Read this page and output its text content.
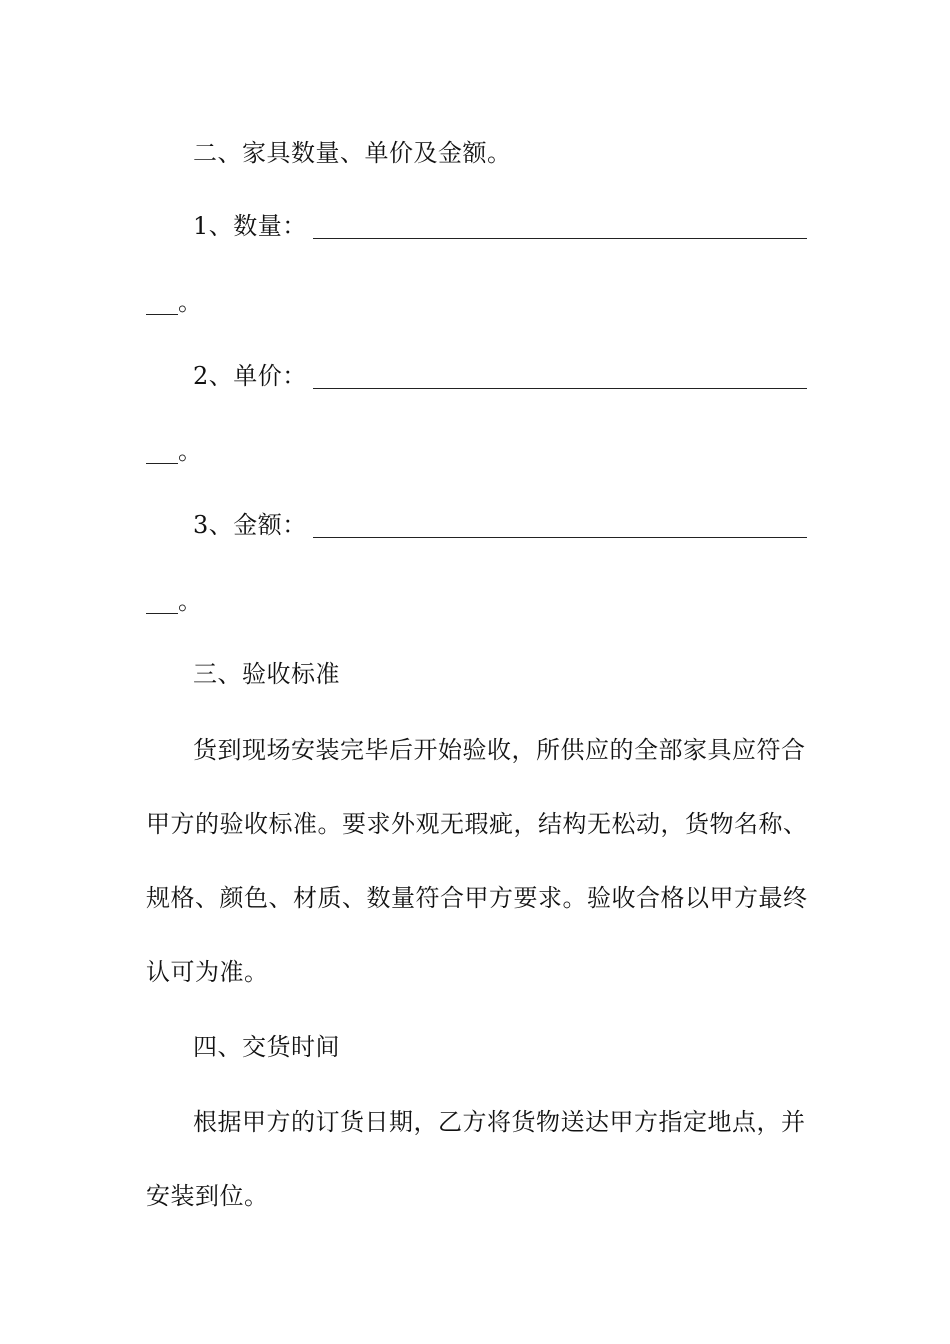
二、家具数量、单价及金额。
1、数量：
。
2、单价：
。
3、金额：
。
三、验收标准
货到现场安装完毕后开始验收，所供应的全部家具应符合
甲方的验收标准。要求外观无瑕疵，结构无松动，货物名称、
规格、颜色、材质、数量符合甲方要求。验收合格以甲方最终
认可为准。
四、交货时间
根据甲方的订货日期，乙方将货物送达甲方指定地点，并
安装到位。
